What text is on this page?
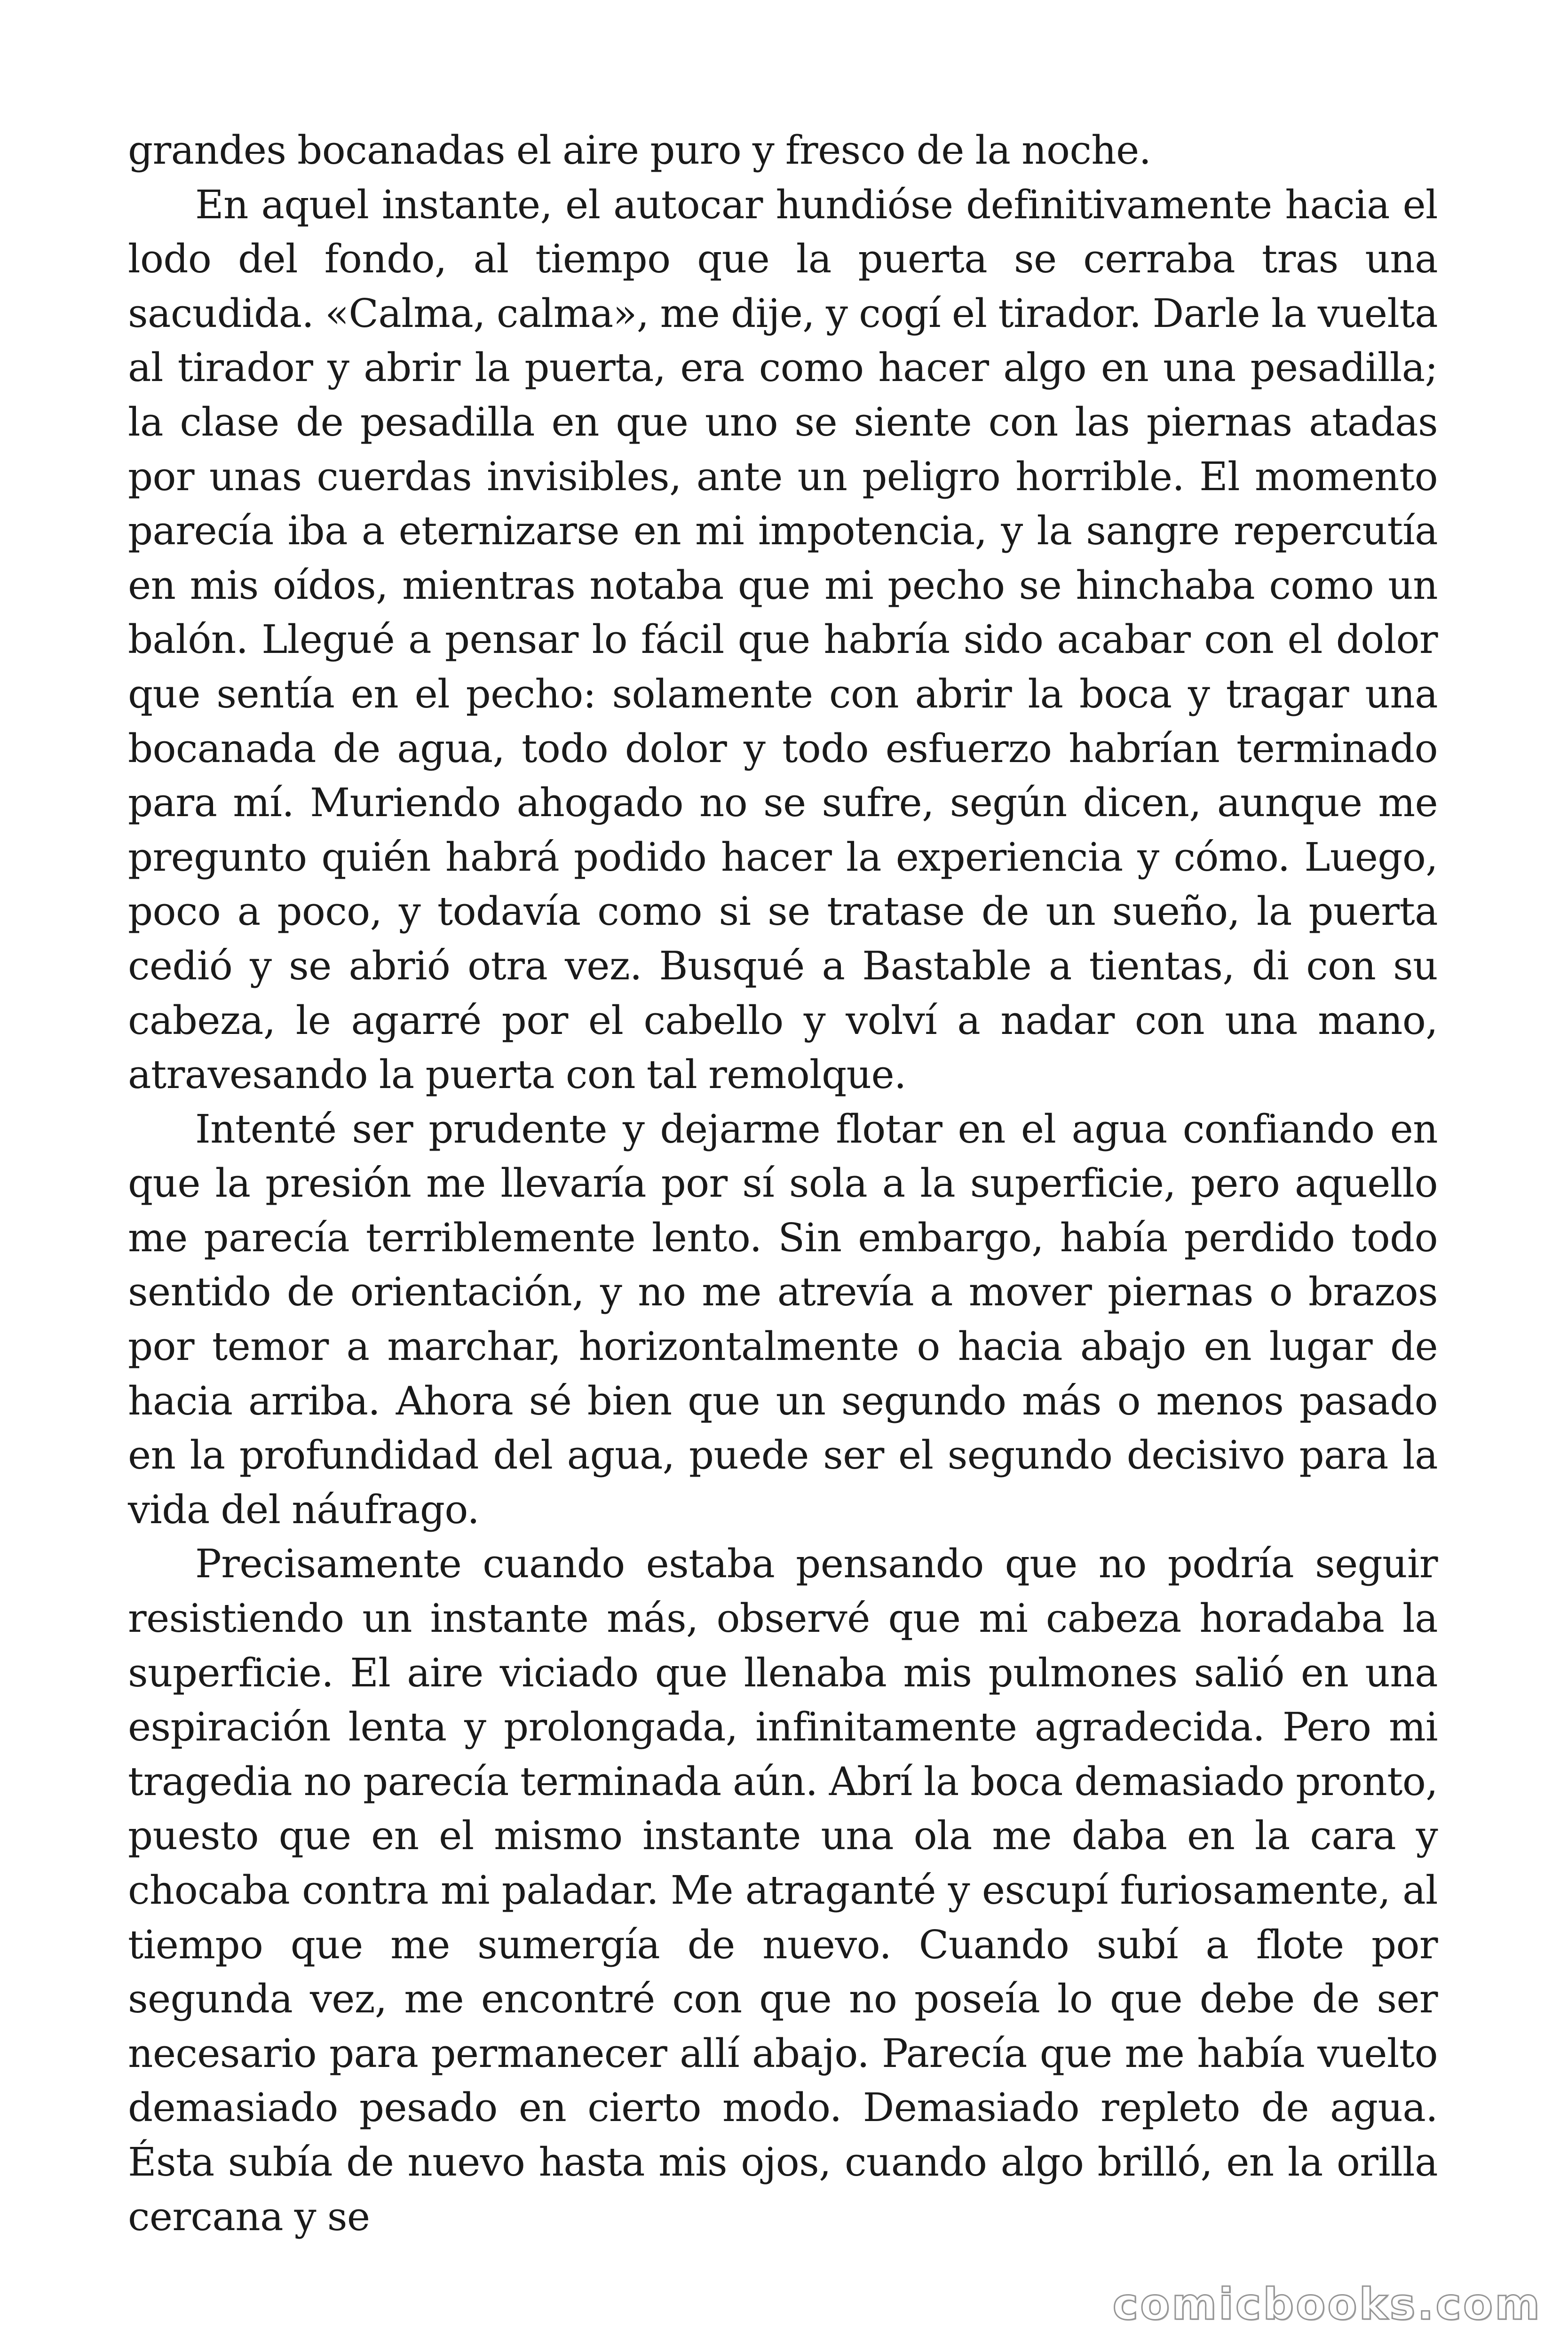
grandes bocanadas el aire puro y fresco de la noche.

En aquel instante, el autocar hundióse definitivamente hacia el lodo del fondo, al tiempo que la puerta se cerraba tras una sacudida. «Calma, calma», me dije, y cogí el tirador. Darle la vuelta al tirador y abrir la puerta, era como hacer algo en una pesadilla; la clase de pesadilla en que uno se siente con las piernas atadas por unas cuerdas invisibles, ante un peligro horrible. El momento parecía iba a eternizarse en mi impotencia, y la sangre repercutía en mis oídos, mientras notaba que mi pecho se hinchaba como un balón. Llegué a pensar lo fácil que habría sido acabar con el dolor que sentía en el pecho: solamente con abrir la boca y tragar una bocanada de agua, todo dolor y todo esfuerzo habrían terminado para mí. Muriendo ahogado no se sufre, según dicen, aunque me pregunto quién habrá podido hacer la experiencia y cómo. Luego, poco a poco, y todavía como si se tratase de un sueño, la puerta cedió y se abrió otra vez. Busqué a Bastable a tientas, di con su cabeza, le agarré por el cabello y volví a nadar con una mano, atravesando la puerta con tal remolque.

Intenté ser prudente y dejarme flotar en el agua confiando en que la presión me llevaría por sí sola a la superficie, pero aquello me parecía terriblemente lento. Sin embargo, había perdido todo sentido de orientación, y no me atrevía a mover piernas o brazos por temor a marchar, horizontalmente o hacia abajo en lugar de hacia arriba. Ahora sé bien que un segundo más o menos pasado en la profundidad del agua, puede ser el segundo decisivo para la vida del náufrago.

Precisamente cuando estaba pensando que no podría seguir resistiendo un instante más, observé que mi cabeza horadaba la superficie. El aire viciado que llenaba mis pulmones salió en una espiración lenta y prolongada, infinitamente agradecida. Pero mi tragedia no parecía terminada aún. Abrí la boca demasiado pronto, puesto que en el mismo instante una ola me daba en la cara y chocaba contra mi paladar. Me atraganté y escupí furiosamente, al tiempo que me sumergía de nuevo. Cuando subí a flote por segunda vez, me encontré con que no poseía lo que debe de ser necesario para permanecer allí abajo. Parecía que me había vuelto demasiado pesado en cierto modo. Demasiado repleto de agua. Ésta subía de nuevo hasta mis ojos, cuando algo brilló, en la orilla cercana y se

comicbooks.com
